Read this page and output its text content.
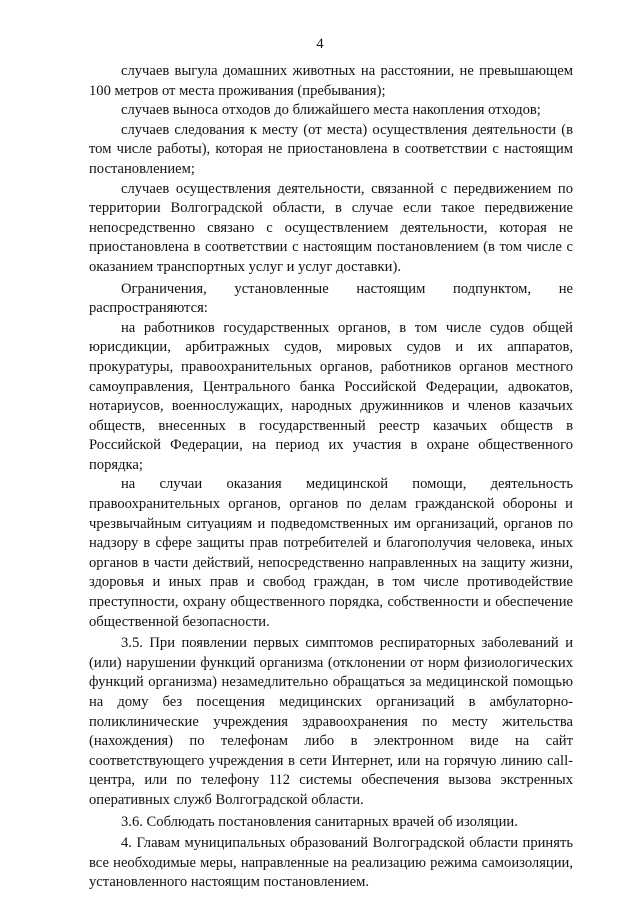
4

случаев выгула домашних животных на расстоянии, не превышающем 100 метров от места проживания (пребывания);

случаев выноса отходов до ближайшего места накопления отходов;

случаев следования к месту (от места) осуществления деятельности (в том числе работы), которая не приостановлена в соответствии с настоящим постановлением;

случаев осуществления деятельности, связанной с передвижением по территории Волгоградской области, в случае если такое передвижение непосредственно связано с осуществлением деятельности, которая не приостановлена в соответствии с настоящим постановлением (в том числе с оказанием транспортных услуг и услуг доставки).

Ограничения, установленные настоящим подпунктом, не распространяются:

на работников государственных органов, в том числе судов общей юрисдикции, арбитражных судов, мировых судов и их аппаратов, прокуратуры, правоохранительных органов, работников органов местного самоуправления, Центрального банка Российской Федерации, адвокатов, нотариусов, военнослужащих, народных дружинников и членов казачьих обществ, внесенных в государственный реестр казачьих обществ в Российской Федерации, на период их участия в охране общественного порядка;

на случаи оказания медицинской помощи, деятельность правоохранительных органов, органов по делам гражданской обороны и чрезвычайным ситуациям и подведомственных им организаций, органов по надзору в сфере защиты прав потребителей и благополучия человека, иных органов в части действий, непосредственно направленных на защиту жизни, здоровья и иных прав и свобод граждан, в том числе противодействие преступности, охрану общественного порядка, собственности и обеспечение общественной безопасности.

3.5. При появлении первых симптомов респираторных заболеваний и (или) нарушении функций организма (отклонении от норм физиологических функций организма) незамедлительно обращаться за медицинской помощью на дому без посещения медицинских организаций в амбулаторно-поликлинические учреждения здравоохранения по месту жительства (нахождения) по телефонам либо в электронном виде на сайт соответствующего учреждения в сети Интернет, или на горячую линию call-центра, или по телефону 112 системы обеспечения вызова экстренных оперативных служб Волгоградской области.

3.6. Соблюдать постановления санитарных врачей об изоляции.

4. Главам муниципальных образований Волгоградской области принять все необходимые меры, направленные на реализацию режима самоизоляции, установленного настоящим постановлением.
